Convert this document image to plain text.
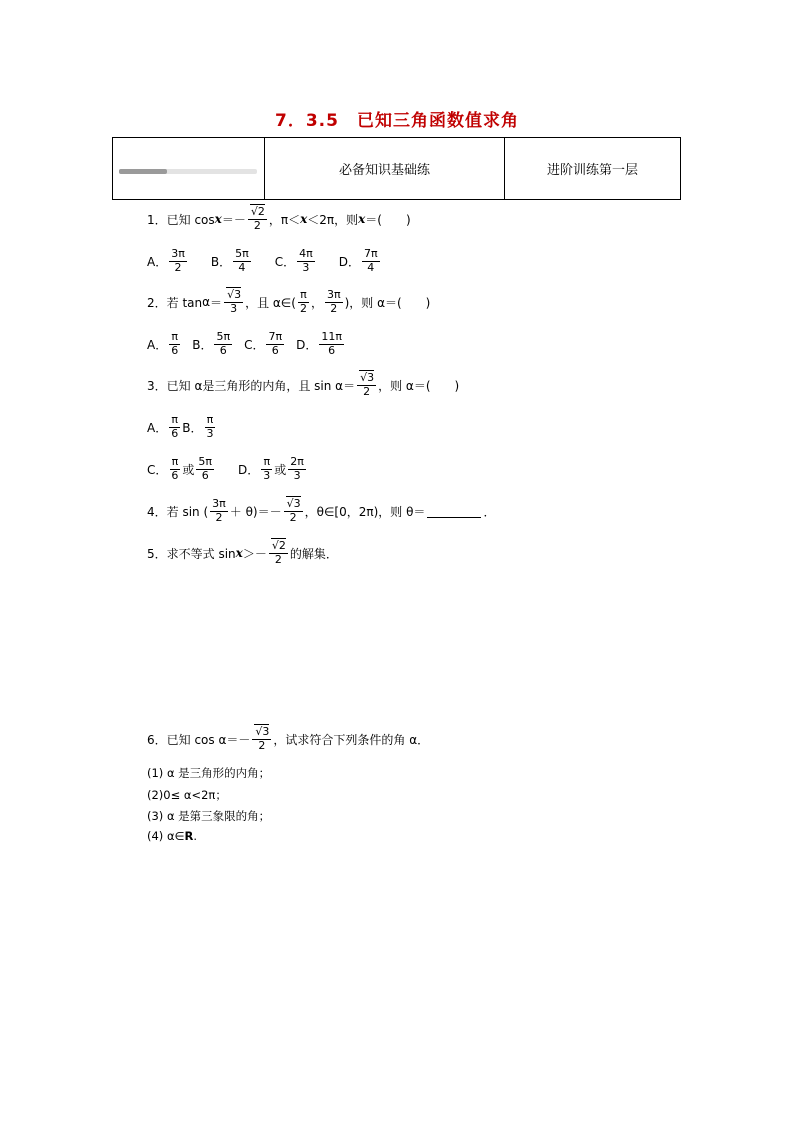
7．3.5　已知三角函数值求角
必备知识基础练	进阶训练第一层
1．已知 $\cos x =- \frac{√2}{2}$ ，π＜ x ＜2π，则 x ＝(　　)
A． $\frac{3\pi}{2}$ B． $\frac{5\pi}{4}$ C． $\frac{4\pi}{3}$ D． $\frac{7\pi}{4}$
2．若 $\tan \alpha = \frac{√3}{3}$ ，且 α∈( $\frac{\pi}{2}$ ， $\frac{3\pi}{2}$ )，则 α＝(　　)
A． $\frac{\pi}{6}$ B． $\frac{5\pi}{6}$ C． $\frac{7\pi}{6}$ D． $\frac{11\pi}{6}$
3．已知 α是三角形的内角，且 $\sin \alpha= \frac{√3}{2}$ ，则 α＝(　　)
A． $\frac{\pi}{6}$ B． $\frac{\pi}{3}$
C． $\frac{\pi}{6}$ 或 $\frac{5\pi}{6}$ D． $\frac{\pi}{3}$ 或 $\frac{2\pi}{3}$
4．若 sin ( $\frac{3\pi}{2} + \theta)=- \frac{√3}{2}$ ，θ∈[0，2π)，则 θ＝	．
5．求不等式 $\sin x >- \frac{√2}{2}$ 的解集．
6．已知 $\cos \alpha=- \frac{√3}{2}$ ，试求符合下列条件的角 α．
(1) α 是三角形的内角；
(2)0≤ α<2π；
(3) α 是第三象限的角；
(4) α∈ R .
